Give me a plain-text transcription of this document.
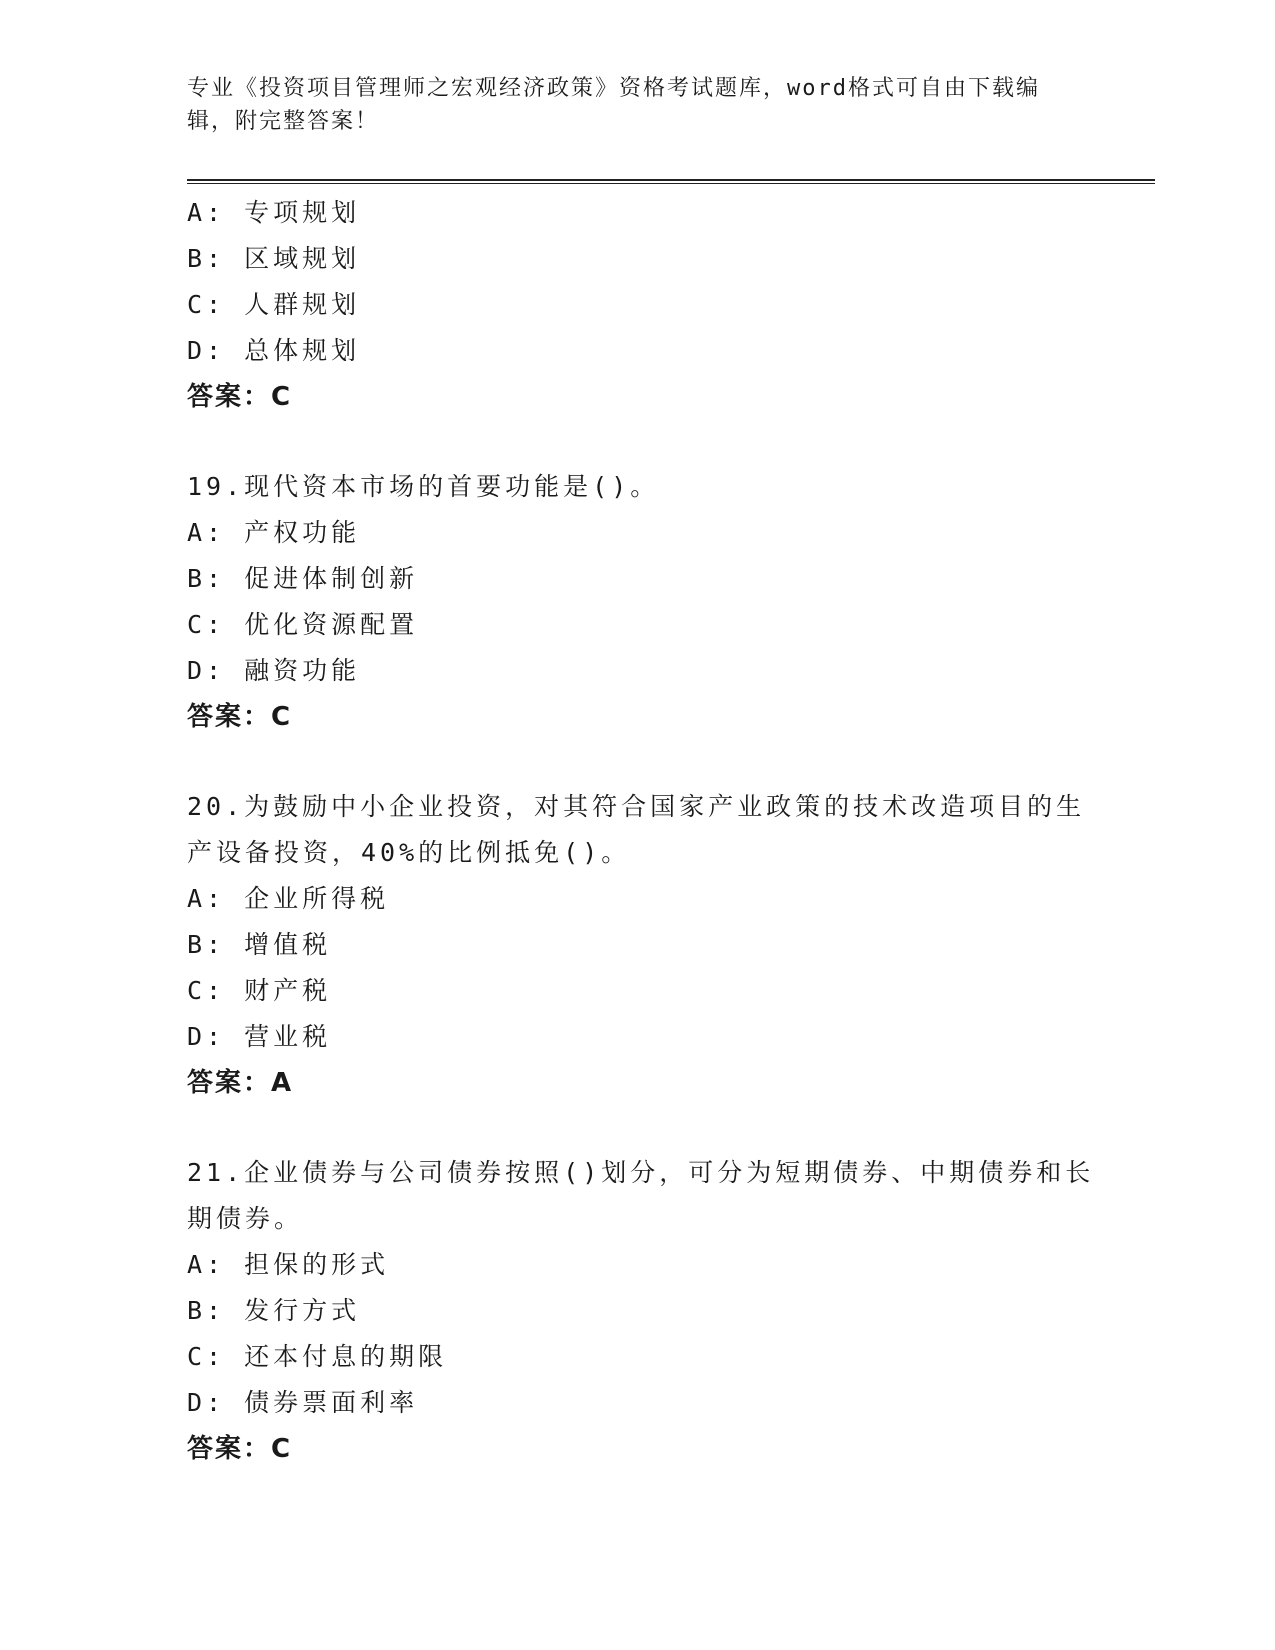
专业《投资项目管理师之宏观经济政策》资格考试题库，word格式可自由下载编
辑，附完整答案！
A: 专项规划
B: 区域规划
C: 人群规划
D: 总体规划
答案：C
19.现代资本市场的首要功能是()。
A: 产权功能
B: 促进体制创新
C: 优化资源配置
D: 融资功能
答案：C
20.为鼓励中小企业投资，对其符合国家产业政策的技术改造项目的生
产设备投资，40%的比例抵免()。
A: 企业所得税
B: 增值税
C: 财产税
D: 营业税
答案：A
21.企业债券与公司债券按照()划分，可分为短期债券、中期债券和长
期债券。
A: 担保的形式
B: 发行方式
C: 还本付息的期限
D: 债券票面利率
答案：C
